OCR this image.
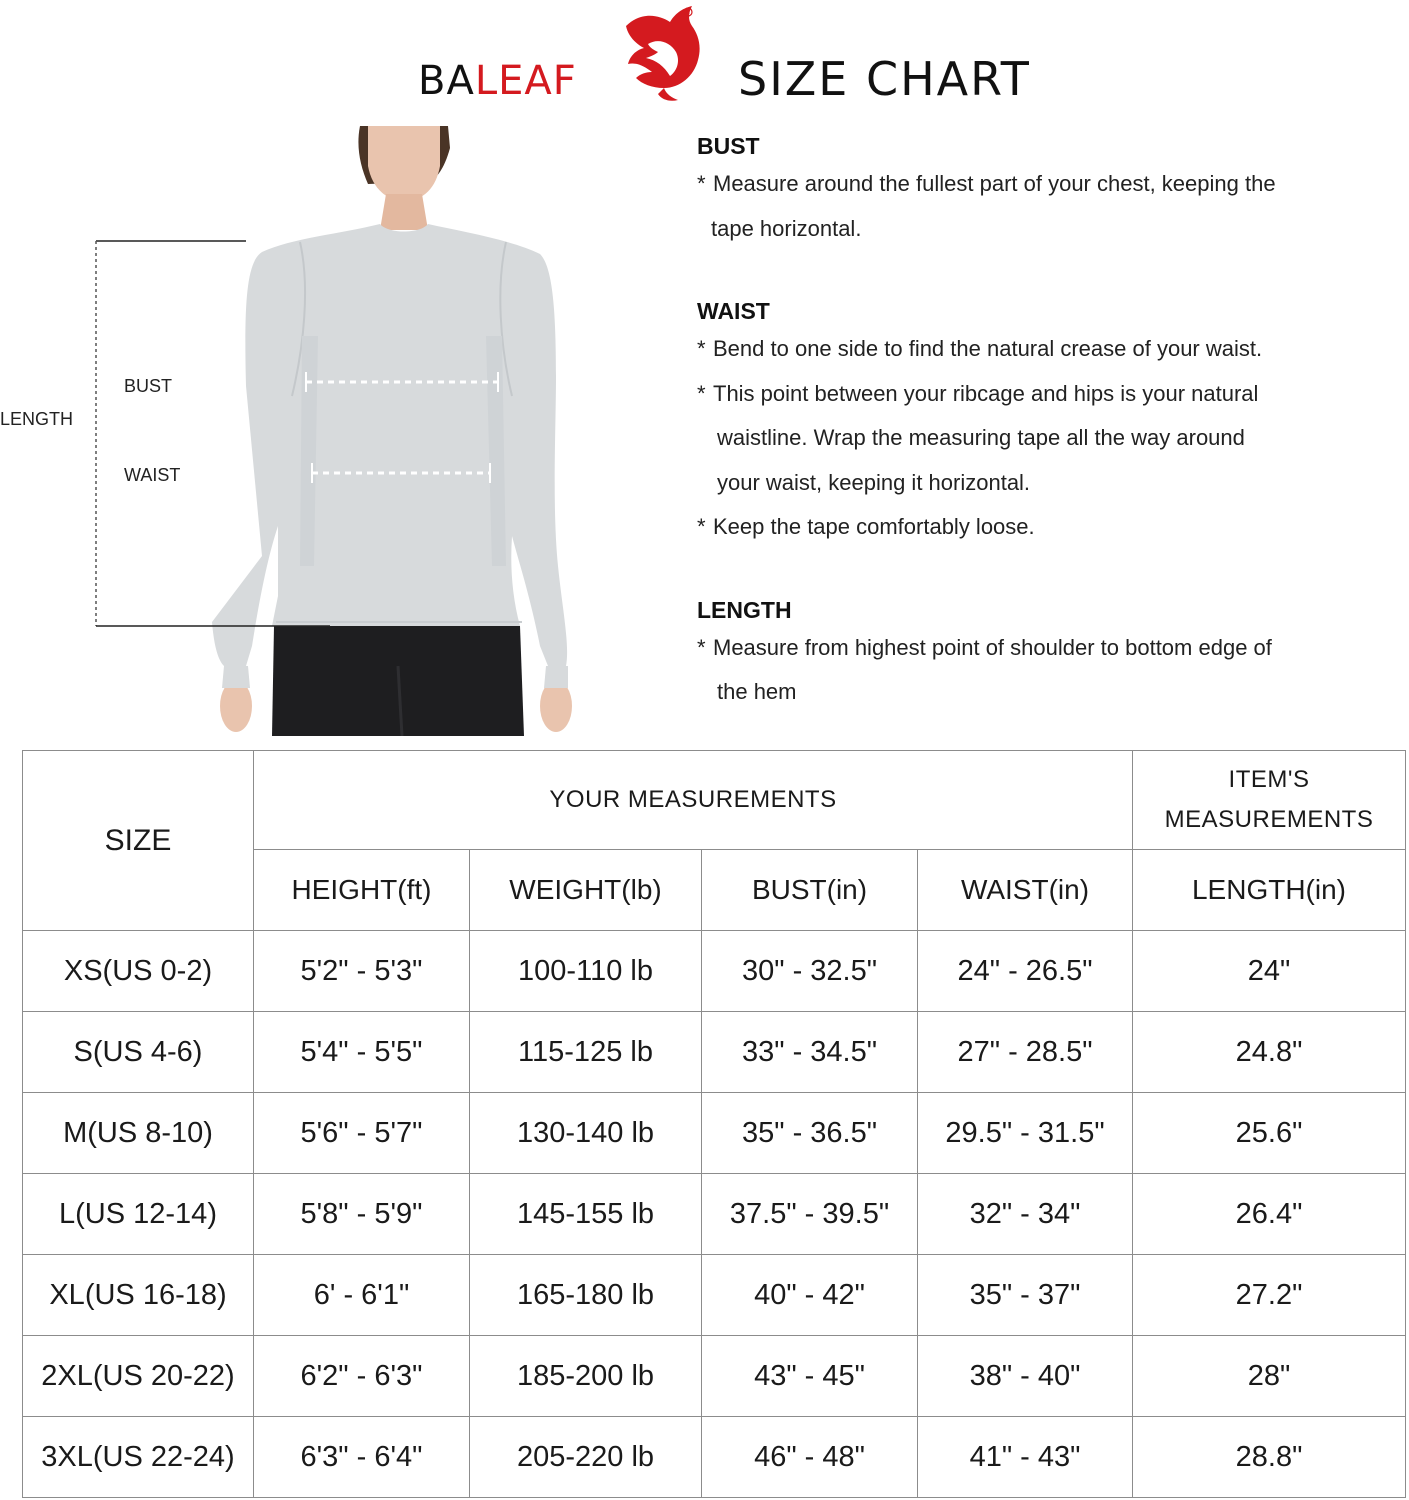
BALEAF
R
SIZE CHART
LENGTH
BUST
WAIST

BUST

* Measure around the fullest part of your chest, keeping the
tape horizontal.

WAIST

* Bend to one side to find the natural crease of your waist.

* This point between your ribcage and hips is your natural
waistline. Wrap the measuring tape all the way around
your waist, keeping it horizontal.

* Keep the tape comfortably loose.

LENGTH

* Measure from highest point of shoulder to bottom edge of
the hem

SIZE	YOUR MEASUREMENTS				ITEM'S
MEASUREMENTS
	HEIGHT(ft)	WEIGHT(lb)	BUST(in)	WAIST(in)	LENGTH(in)
XS(US 0-2)	5'2" - 5'3"	100-110 lb	30" - 32.5"	24" - 26.5"	24"
S(US 4-6)	5'4" - 5'5"	115-125 lb	33" - 34.5"	27" - 28.5"	24.8"
M(US 8-10)	5'6" - 5'7"	130-140 lb	35" - 36.5"	29.5" - 31.5"	25.6"
L(US 12-14)	5'8" - 5'9"	145-155 lb	37.5" - 39.5"	32" - 34"	26.4"
XL(US 16-18)	6' - 6'1"	165-180 lb	40" - 42"	35" - 37"	27.2"
2XL(US 20-22)	6'2" - 6'3"	185-200 lb	43" - 45"	38" - 40"	28"
3XL(US 22-24)	6'3" - 6'4"	205-220 lb	46" - 48"	41" - 43"	28.8"
